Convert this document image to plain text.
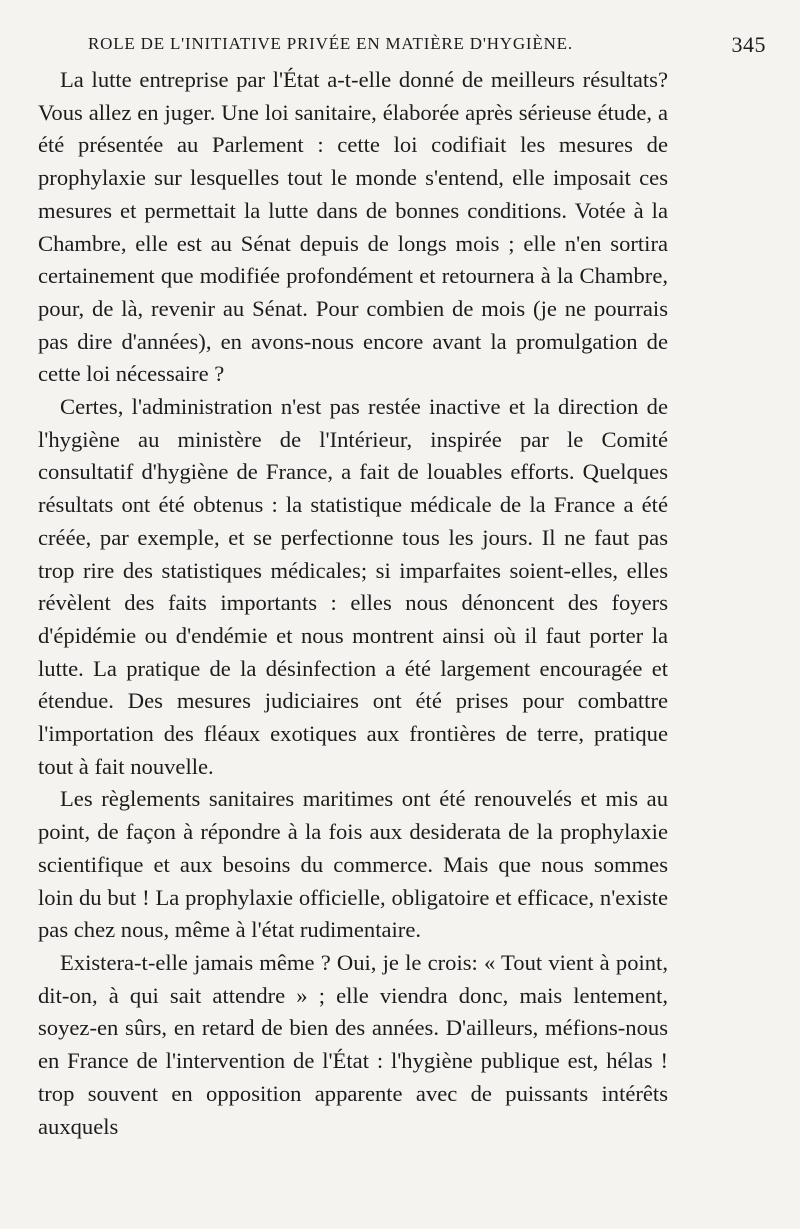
ROLE DE L'INITIATIVE PRIVÉE EN MATIÈRE D'HYGIÈNE.	345

La lutte entreprise par l'État a-t-elle donné de meilleurs résultats? Vous allez en juger. Une loi sanitaire, élaborée après sérieuse étude, a été présentée au Parlement : cette loi codifiait les mesures de prophylaxie sur lesquelles tout le monde s'entend, elle imposait ces mesures et permettait la lutte dans de bonnes conditions. Votée à la Chambre, elle est au Sénat depuis de longs mois ; elle n'en sortira certainement que modifiée profondément et retournera à la Chambre, pour, de là, revenir au Sénat. Pour combien de mois (je ne pourrais pas dire d'années), en avons-nous encore avant la promulgation de cette loi nécessaire ?

Certes, l'administration n'est pas restée inactive et la direction de l'hygiène au ministère de l'Intérieur, inspirée par le Comité consultatif d'hygiène de France, a fait de louables efforts. Quelques résultats ont été obtenus : la statistique médicale de la France a été créée, par exemple, et se perfectionne tous les jours. Il ne faut pas trop rire des statistiques médicales; si imparfaites soient-elles, elles révèlent des faits importants : elles nous dénoncent des foyers d'épidémie ou d'endémie et nous montrent ainsi où il faut porter la lutte. La pratique de la désinfection a été largement encouragée et étendue. Des mesures judiciaires ont été prises pour combattre l'importation des fléaux exotiques aux frontières de terre, pratique tout à fait nouvelle.

Les règlements sanitaires maritimes ont été renouvelés et mis au point, de façon à répondre à la fois aux desiderata de la prophylaxie scientifique et aux besoins du commerce. Mais que nous sommes loin du but ! La prophylaxie officielle, obligatoire et efficace, n'existe pas chez nous, même à l'état rudimentaire.

Existera-t-elle jamais même ? Oui, je le crois: « Tout vient à point, dit-on, à qui sait attendre » ; elle viendra donc, mais lentement, soyez-en sûrs, en retard de bien des années. D'ailleurs, méfions-nous en France de l'intervention de l'État : l'hygiène publique est, hélas ! trop souvent en opposition apparente avec de puissants intérêts auxquels
